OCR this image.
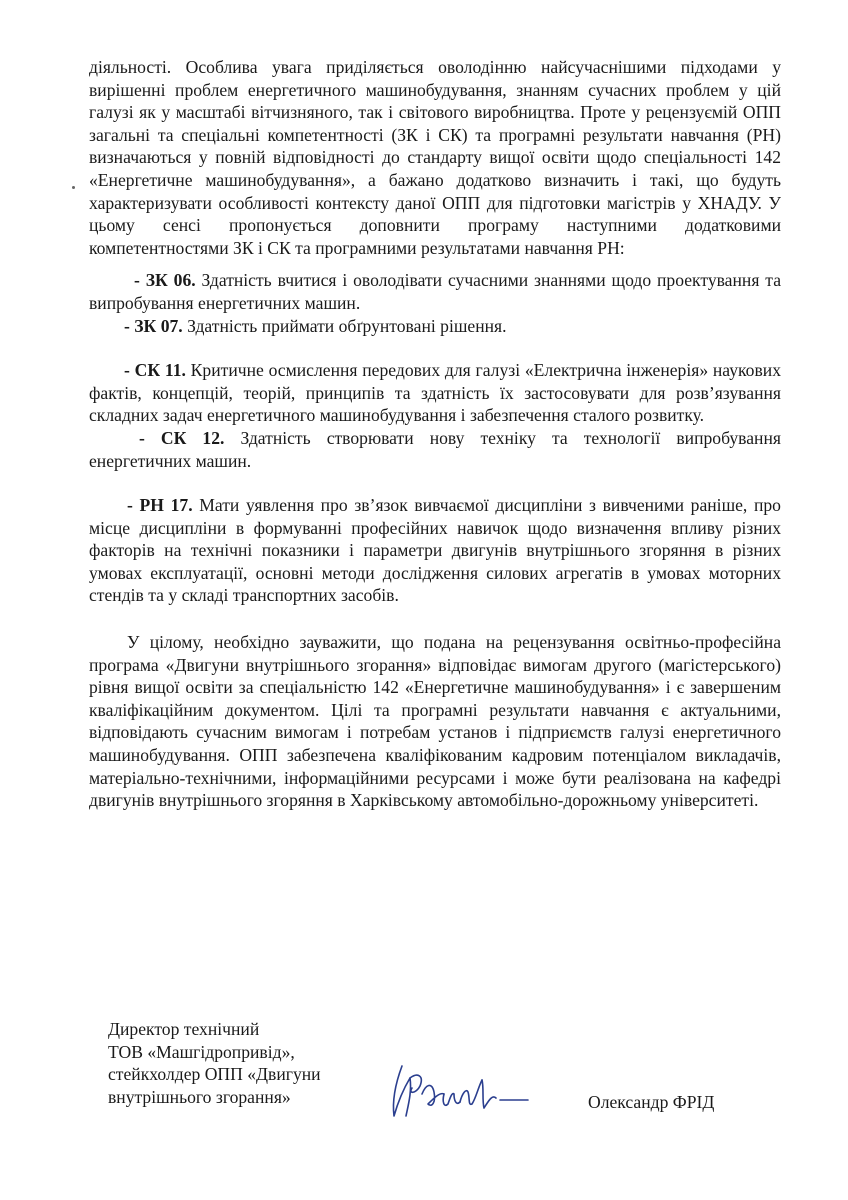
діяльності. Особлива увага приділяється оволодінню найсучаснішими підходами у вирішенні проблем енергетичного машинобудування, знанням сучасних проблем у цій галузі як у масштабі вітчизняного, так і світового виробництва. Проте у рецензуємій ОПП загальні та спеціальні компетентності (ЗК і СК) та програмні результати навчання (РН) визначаються у повній відповідності до стандарту вищої освіти щодо спеціальності 142 «Енергетичне машинобудування», а бажано додатково визначить і такі, що будуть характеризувати особливості контексту даної ОПП для підготовки магістрів у ХНАДУ. У цьому сенсі пропонується доповнити програму наступними додатковими компетентностями ЗК і СК та програмними результатами навчання РН:

- ЗК 06. Здатність вчитися і оволодівати сучасними знаннями щодо проектування та випробування енергетичних машин.

- ЗК 07. Здатність приймати обґрунтовані рішення.

- СК 11. Критичне осмислення передових для галузі «Електрична інженерія» наукових фактів, концепцій, теорій, принципів та здатність їх застосовувати для розв’язування складних задач енергетичного машинобудування і забезпечення сталого розвитку.

- СК 12. Здатність створювати нову техніку та технології випробування енергетичних машин.

- РН 17. Мати уявлення про зв’язок вивчаємої дисципліни з вивченими раніше, про місце дисципліни в формуванні професійних навичок щодо визначення впливу різних факторів на технічні показники і параметри двигунів внутрішнього згоряння в різних умовах експлуатації, основні методи дослідження силових агрегатів в умовах моторних стендів та у складі транспортних засобів.

У цілому, необхідно зауважити, що подана на рецензування освітньо-професійна програма «Двигуни внутрішнього згорання» відповідає вимогам другого (магістерського) рівня вищої освіти за спеціальністю 142 «Енергетичне машинобудування» і є завершеним кваліфікаційним документом. Цілі та програмні результати навчання є актуальними, відповідають сучасним вимогам і потребам установ і підприємств галузі енергетичного машинобудування. ОПП забезпечена кваліфікованим кадровим потенціалом викладачів, матеріально-технічними, інформаційними ресурсами і може бути реалізована на кафедрі двигунів внутрішнього згоряння в Харківському автомобільно-дорожньому університеті.

Директор технічний
ТОВ «Машгідропривід»,
стейкхолдер ОПП «Двигуни
внутрішнього згорання»	Олександр ФРІД
